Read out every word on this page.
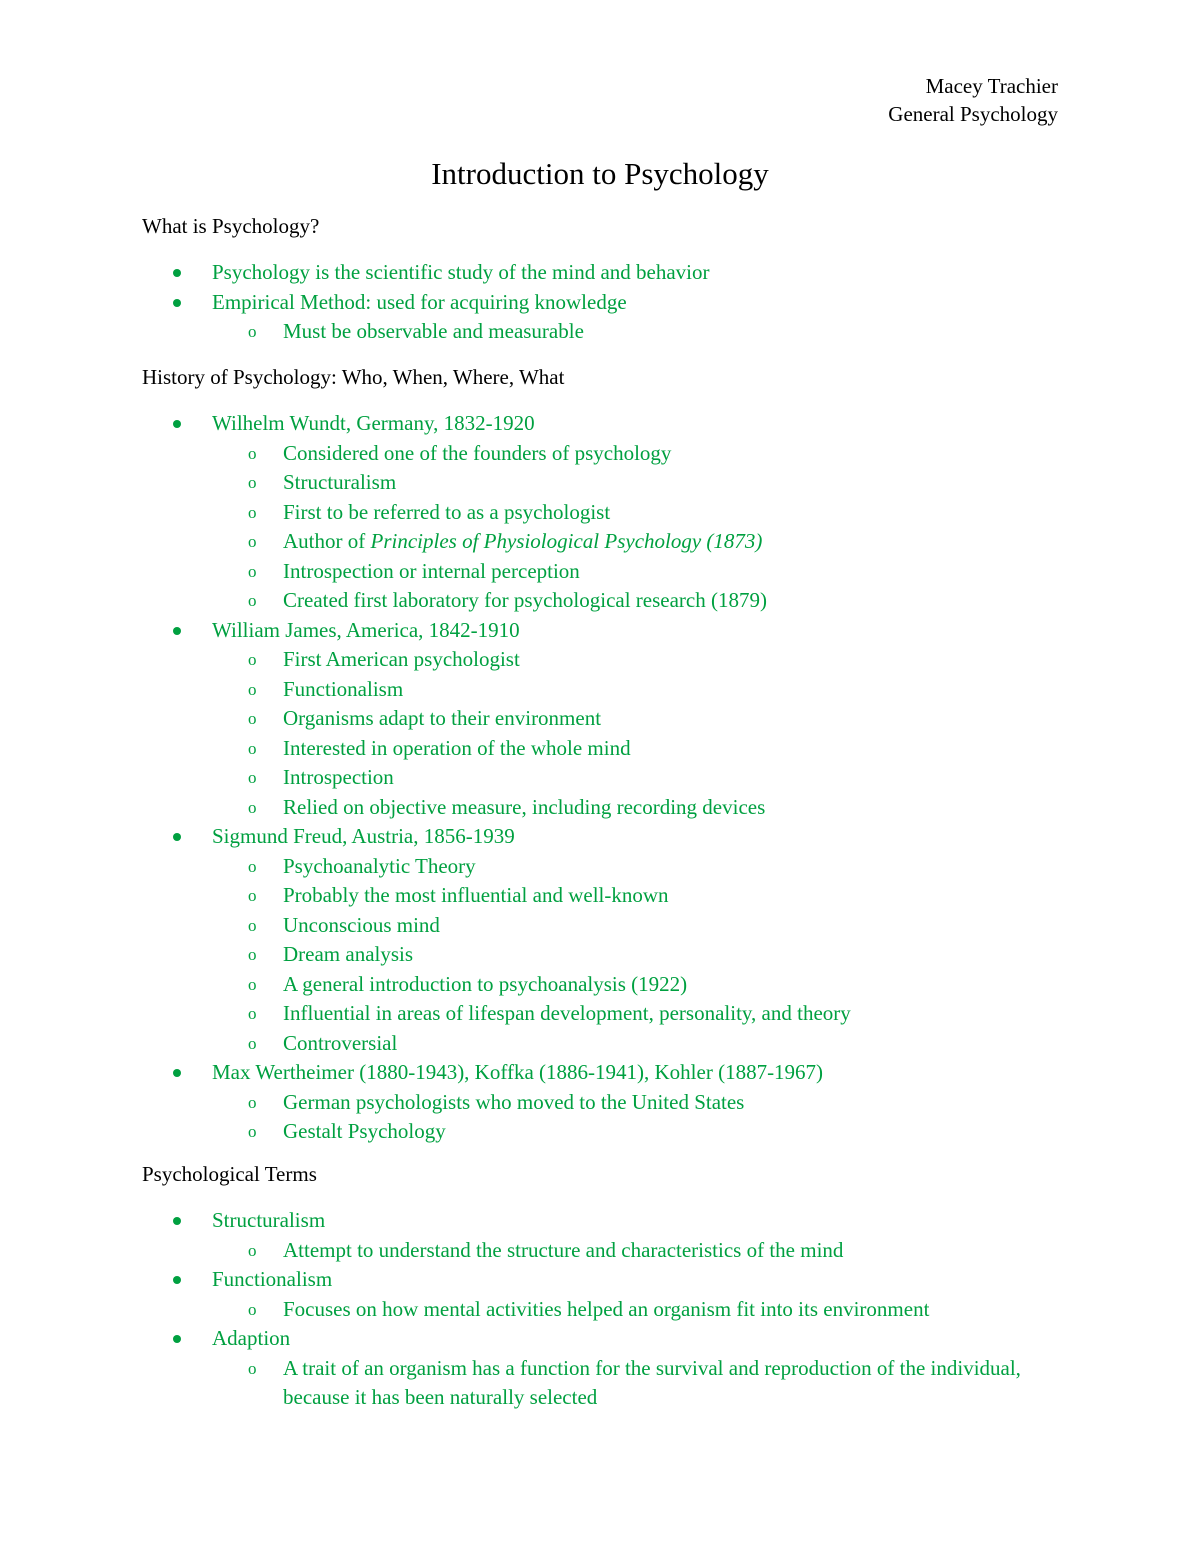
Macey Trachier
General Psychology
Introduction to Psychology
What is Psychology?
Psychology is the scientific study of the mind and behavior
Empirical Method: used for acquiring knowledge
o Must be observable and measurable
History of Psychology: Who, When, Where, What
Wilhelm Wundt, Germany, 1832-1920
o Considered one of the founders of psychology
o Structuralism
o First to be referred to as a psychologist
o Author of Principles of Physiological Psychology (1873)
o Introspection or internal perception
o Created first laboratory for psychological research (1879)
William James, America, 1842-1910
o First American psychologist
o Functionalism
o Organisms adapt to their environment
o Interested in operation of the whole mind
o Introspection
o Relied on objective measure, including recording devices
Sigmund Freud, Austria, 1856-1939
o Psychoanalytic Theory
o Probably the most influential and well-known
o Unconscious mind
o Dream analysis
o A general introduction to psychoanalysis (1922)
o Influential in areas of lifespan development, personality, and theory
o Controversial
Max Wertheimer (1880-1943), Koffka (1886-1941), Kohler (1887-1967)
o German psychologists who moved to the United States
o Gestalt Psychology
Psychological Terms
Structuralism
o Attempt to understand the structure and characteristics of the mind
Functionalism
o Focuses on how mental activities helped an organism fit into its environment
Adaption
o A trait of an organism has a function for the survival and reproduction of the individual, because it has been naturally selected
